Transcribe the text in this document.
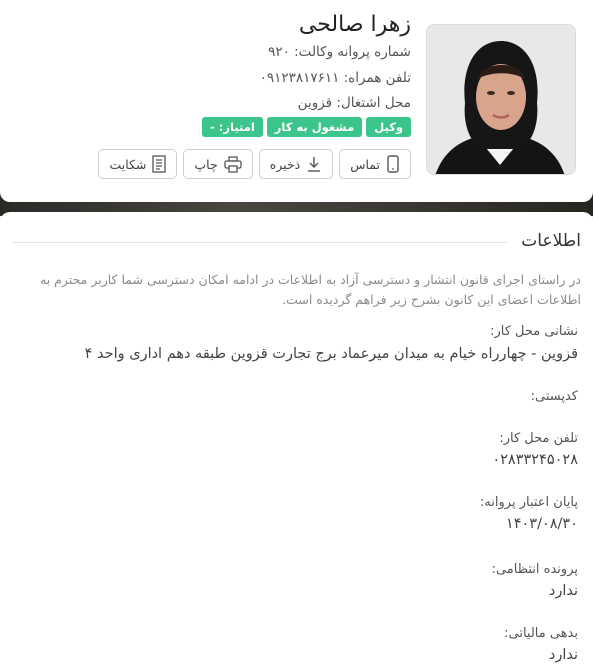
زهرا صالحی
شماره پروانه وکالت: ۹۲۰
تلفن همراه: ۰۹۱۲۳۸۱۷۶۱۱
محل اشتغال: قزوین
وکیل
مشغول به کار
امتیاز: -
تماس
ذخیره
چاپ
شکایت
اطلاعات
در راستای اجرای قانون انتشار و دسترسی آزاد به اطلاعات در ادامه امکان دسترسی شما کاربر محترم به اطلاعات اعضای این کانون بشرح زیر فراهم گردیده است.
نشانی محل کار:
قزوین - چهارراه خیام به میدان میرعماد برج تجارت قزوین طبقه دهم اداری واحد ۴
کدپستی:
تلفن محل کار:
۰۲۸۳۳۲۴۵۰۲۸
پایان اعتبار پروانه:
۱۴۰۳/۰۸/۳۰
پرونده انتظامی:
ندارد
بدهی مالیاتی:
ندارد
